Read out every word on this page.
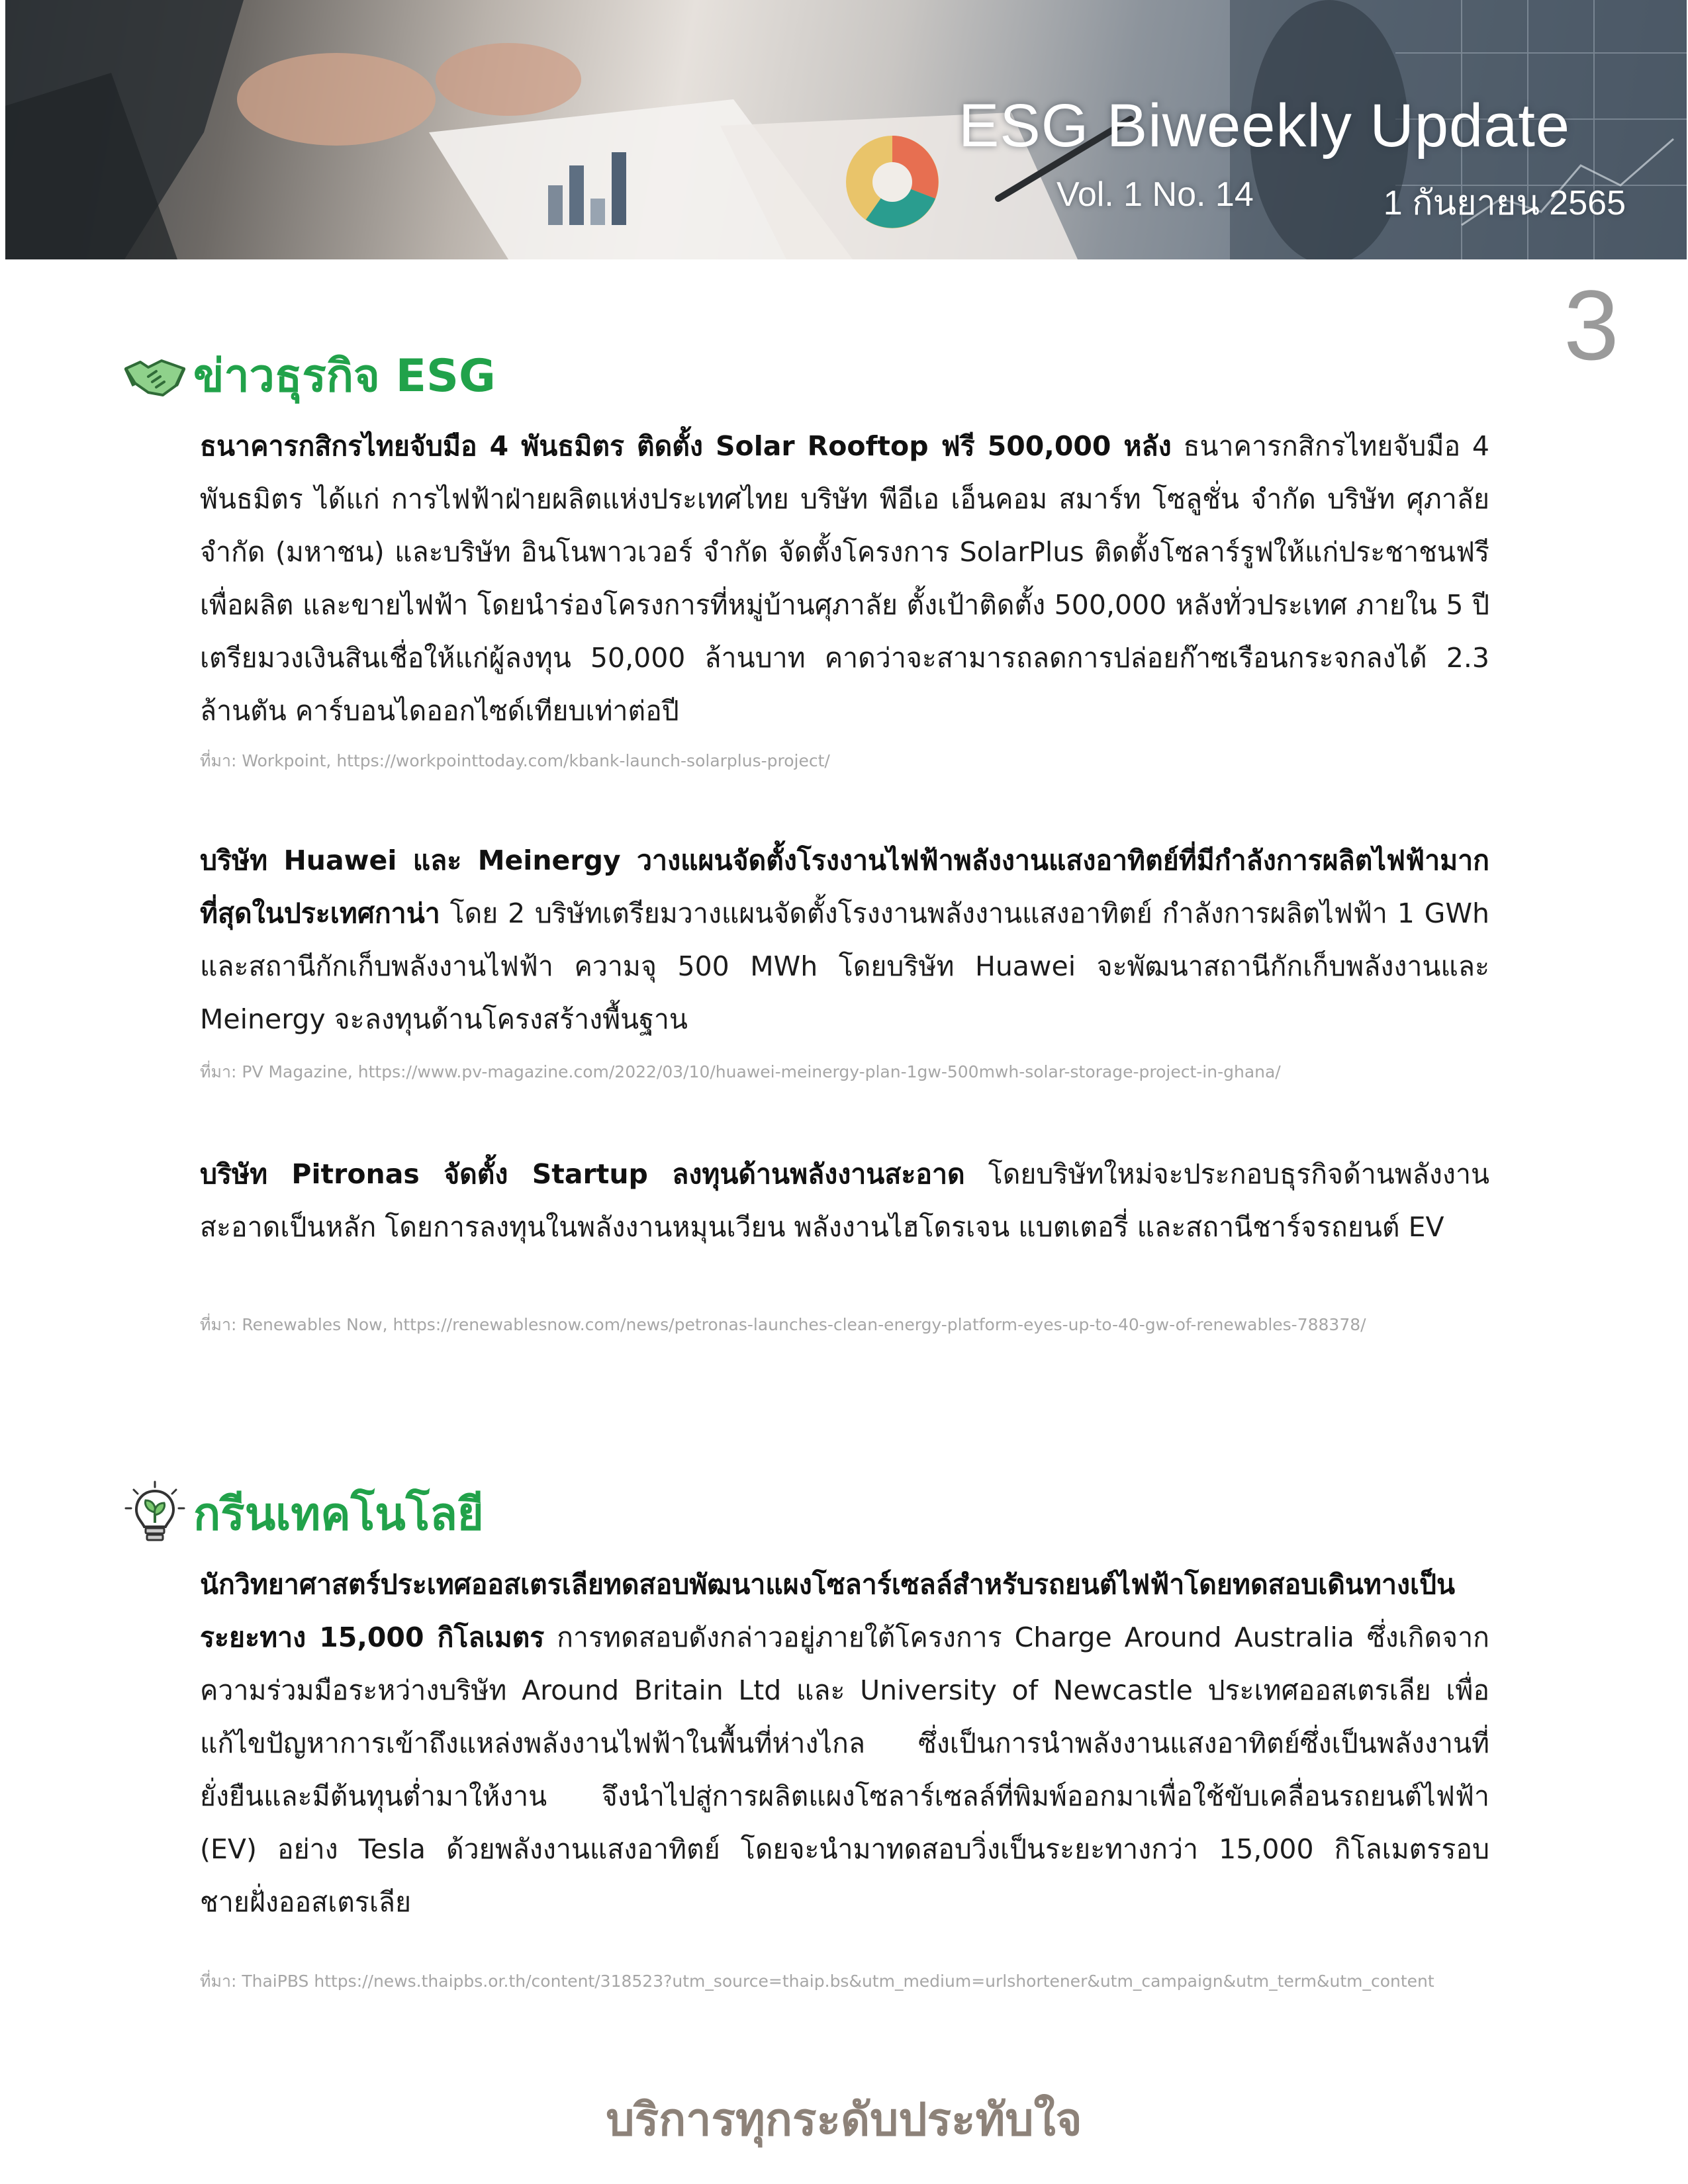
ESG Biweekly Update
Vol. 1 No. 14	1 กันยายน 2565
3
ข่าวธุรกิจ ESG
ธนาคารกสิกรไทยจับมือ 4 พันธมิตร ติดตั้ง Solar Rooftop ฟรี 500,000 หลัง ธนาคารกสิกรไทยจับมือ 4 พันธมิตร ได้แก่ การไฟฟ้าฝ่ายผลิตแห่งประเทศไทย บริษัท พีอีเอ เอ็นคอม สมาร์ท โซลูชั่น จำกัด บริษัท ศุภาลัย จำกัด (มหาชน) และบริษัท อินโนพาวเวอร์ จำกัด จัดตั้งโครงการ SolarPlus ติดตั้งโซลาร์รูฟให้แก่ประชาชนฟรี เพื่อผลิต และขายไฟฟ้า โดยนำร่องโครงการที่หมู่บ้านศุภาลัย ตั้งเป้าติดตั้ง 500,000 หลังทั่วประเทศ ภายใน 5 ปี เตรียมวงเงินสินเชื่อให้แก่ผู้ลงทุน 50,000 ล้านบาท คาดว่าจะสามารถลดการปล่อยก๊าซเรือนกระจกลงได้ 2.3 ล้านตัน คาร์บอนไดออกไซด์เทียบเท่าต่อปี
ที่มา: Workpoint, https://workpointtoday.com/kbank-launch-solarplus-project/
บริษัท Huawei และ Meinergy วางแผนจัดตั้งโรงงานไฟฟ้าพลังงานแสงอาทิตย์ที่มีกำลังการผลิตไฟฟ้ามากที่สุดในประเทศกาน่า โดย 2 บริษัทเตรียมวางแผนจัดตั้งโรงงานพลังงานแสงอาทิตย์ กำลังการผลิตไฟฟ้า 1 GWh และสถานีกักเก็บพลังงานไฟฟ้า ความจุ 500 MWh โดยบริษัท Huawei จะพัฒนาสถานีกักเก็บพลังงานและ Meinergy จะลงทุนด้านโครงสร้างพื้นฐาน
ที่มา: PV Magazine, https://www.pv-magazine.com/2022/03/10/huawei-meinergy-plan-1gw-500mwh-solar-storage-project-in-ghana/
บริษัท Pitronas จัดตั้ง Startup ลงทุนด้านพลังงานสะอาด โดยบริษัทใหม่จะประกอบธุรกิจด้านพลังงานสะอาดเป็นหลัก โดยการลงทุนในพลังงานหมุนเวียน พลังงานไฮโดรเจน แบตเตอรี่ และสถานีชาร์จรถยนต์ EV
ที่มา: Renewables Now, https://renewablesnow.com/news/petronas-launches-clean-energy-platform-eyes-up-to-40-gw-of-renewables-788378/
กรีนเทคโนโลยี
นักวิทยาศาสตร์ประเทศออสเตรเลียทดสอบพัฒนาแผงโซลาร์เซลล์สำหรับรถยนต์ไฟฟ้าโดยทดสอบเดินทางเป็นระยะทาง 15,000 กิโลเมตร การทดสอบดังกล่าวอยู่ภายใต้โครงการ Charge Around Australia ซึ่งเกิดจากความร่วมมือระหว่างบริษัท Around Britain Ltd และ University of Newcastle ประเทศออสเตรเลีย เพื่อแก้ไขปัญหาการเข้าถึงแหล่งพลังงานไฟฟ้าในพื้นที่ห่างไกล ซึ่งเป็นการนำพลังงานแสงอาทิตย์ซึ่งเป็นพลังงานที่ยั่งยืนและมีต้นทุนต่ำมาให้งาน จึงนำไปสู่การผลิตแผงโซลาร์เซลล์ที่พิมพ์ออกมาเพื่อใช้ขับเคลื่อนรถยนต์ไฟฟ้า (EV) อย่าง Tesla ด้วยพลังงานแสงอาทิตย์ โดยจะนำมาทดสอบวิ่งเป็นระยะทางกว่า 15,000 กิโลเมตรรอบชายฝั่งออสเตรเลีย
ที่มา: ThaiPBS https://news.thaipbs.or.th/content/318523?utm_source=thaip.bs&utm_medium=urlshortener&utm_campaign&utm_term&utm_content
บริการทุกระดับประทับใจ
